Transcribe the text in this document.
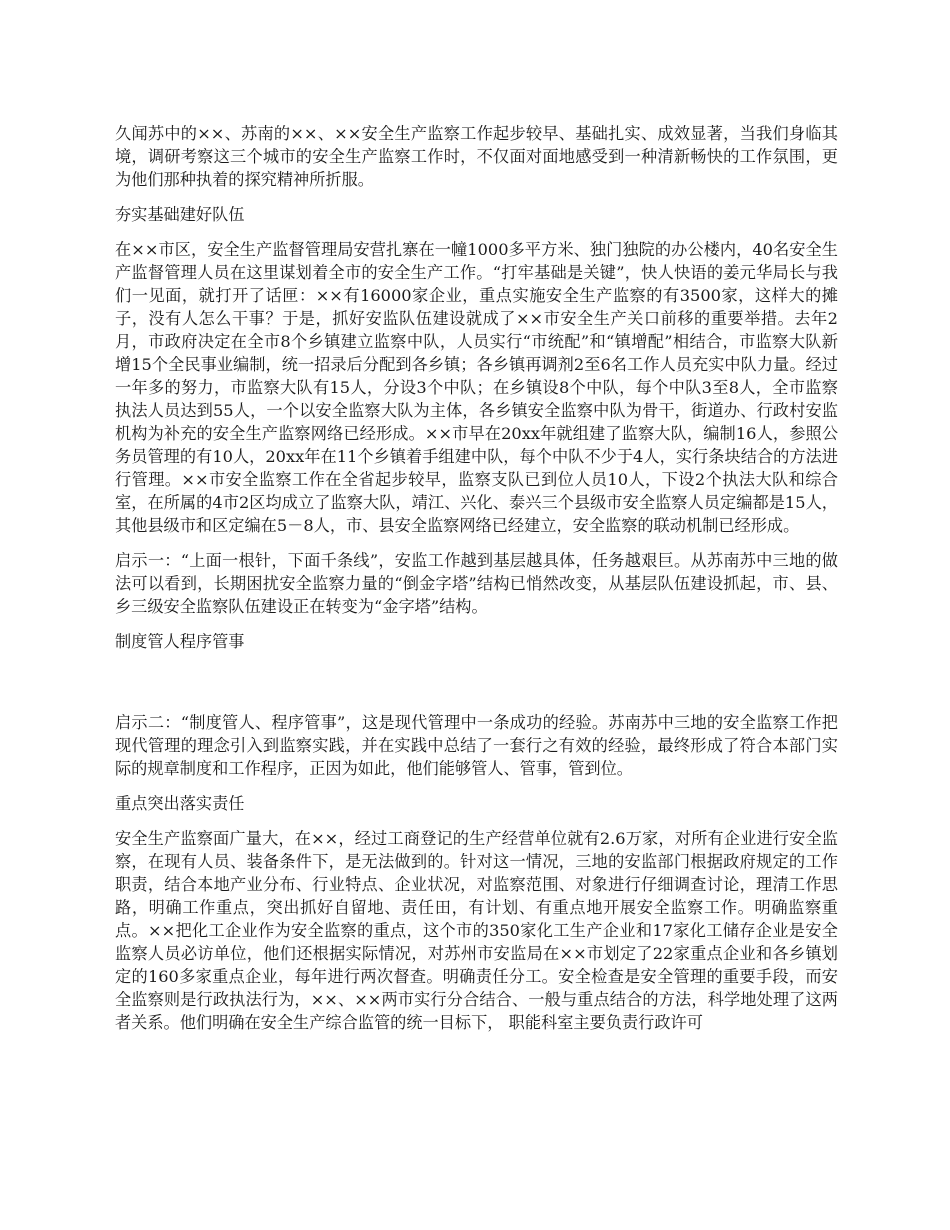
久闻苏中的××、苏南的××、××安全生产监察工作起步较早、基础扎实、成效显著，当我们身临其境，调研考察这三个城市的安全生产监察工作时，不仅面对面地感受到一种清新畅快的工作氛围，更为他们那种执着的探究精神所折服。

夯实基础建好队伍

在××市区，安全生产监督管理局安营扎寨在一幢1000多平方米、独门独院的办公楼内，40名安全生产监督管理人员在这里谋划着全市的安全生产工作。“打牢基础是关键”，快人快语的姜元华局长与我们一见面，就打开了话匣：××有16000家企业，重点实施安全生产监察的有3500家，这样大的摊子，没有人怎么干事？于是，抓好安监队伍建设就成了××市安全生产关口前移的重要举措。去年2月，市政府决定在全市8个乡镇建立监察中队，人员实行“市统配”和“镇增配”相结合，市监察大队新增15个全民事业编制，统一招录后分配到各乡镇；各乡镇再调剂2至6名工作人员充实中队力量。经过一年多的努力，市监察大队有15人，分设3个中队；在乡镇设8个中队，每个中队3至8人，全市监察执法人员达到55人，一个以安全监察大队为主体，各乡镇安全监察中队为骨干，街道办、行政村安监机构为补充的安全生产监察网络已经形成。××市早在20xx年就组建了监察大队，编制16人，参照公务员管理的有10人，20xx年在11个乡镇着手组建中队，每个中队不少于4人，实行条块结合的方法进行管理。××市安全监察工作在全省起步较早，监察支队已到位人员10人，下设2个执法大队和综合室，在所属的4市2区均成立了监察大队，靖江、兴化、泰兴三个县级市安全监察人员定编都是15人，其他县级市和区定编在5－8人，市、县安全监察网络已经建立，安全监察的联动机制已经形成。

启示一：“上面一根针，下面千条线”，安监工作越到基层越具体，任务越艰巨。从苏南苏中三地的做法可以看到，长期困扰安全监察力量的“倒金字塔”结构已悄然改变，从基层队伍建设抓起，市、县、乡三级安全监察队伍建设正在转变为“金字塔”结构。

制度管人程序管事

启示二：“制度管人、程序管事”，这是现代管理中一条成功的经验。苏南苏中三地的安全监察工作把现代管理的理念引入到监察实践，并在实践中总结了一套行之有效的经验，最终形成了符合本部门实际的规章制度和工作程序，正因为如此，他们能够管人、管事，管到位。

重点突出落实责任

安全生产监察面广量大，在××，经过工商登记的生产经营单位就有2.6万家，对所有企业进行安全监察，在现有人员、装备条件下，是无法做到的。针对这一情况，三地的安监部门根据政府规定的工作职责，结合本地产业分布、行业特点、企业状况，对监察范围、对象进行仔细调查讨论，理清工作思路，明确工作重点，突出抓好自留地、责任田，有计划、有重点地开展安全监察工作。明确监察重点。××把化工企业作为安全监察的重点，这个市的350家化工生产企业和17家化工储存企业是安全监察人员必访单位，他们还根据实际情况，对苏州市安监局在××市划定了22家重点企业和各乡镇划定的160多家重点企业，每年进行两次督查。明确责任分工。安全检查是安全管理的重要手段，而安全监察则是行政执法行为，××、××两市实行分合结合、一般与重点结合的方法，科学地处理了这两者关系。他们明确在安全生产综合监管的统一目标下， 职能科室主要负责行政许可
